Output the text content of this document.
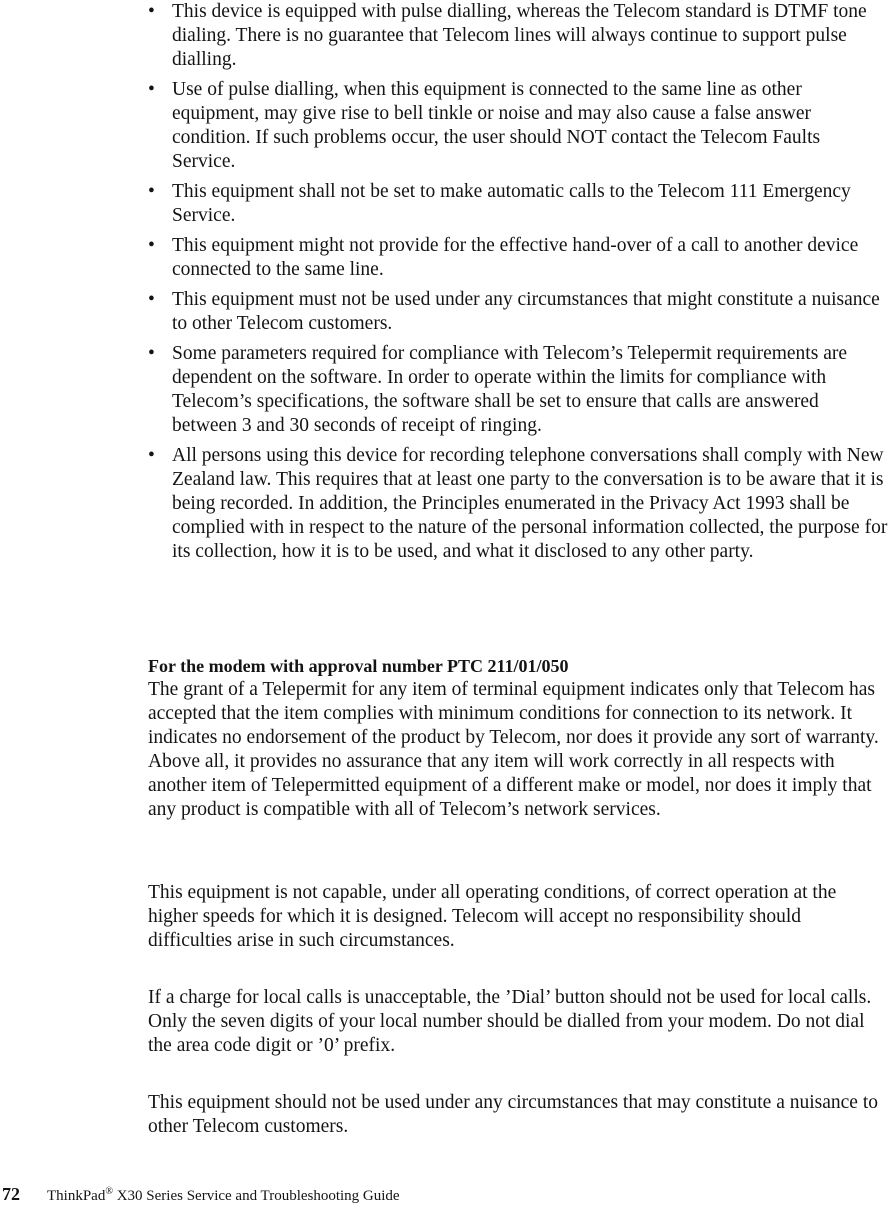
• This device is equipped with pulse dialling, whereas the Telecom standard is DTMF tone dialing. There is no guarantee that Telecom lines will always continue to support pulse dialling.
• Use of pulse dialling, when this equipment is connected to the same line as other equipment, may give rise to bell tinkle or noise and may also cause a false answer condition. If such problems occur, the user should NOT contact the Telecom Faults Service.
• This equipment shall not be set to make automatic calls to the Telecom 111 Emergency Service.
• This equipment might not provide for the effective hand-over of a call to another device connected to the same line.
• This equipment must not be used under any circumstances that might constitute a nuisance to other Telecom customers.
• Some parameters required for compliance with Telecom’s Telepermit requirements are dependent on the software. In order to operate within the limits for compliance with Telecom’s specifications, the software shall be set to ensure that calls are answered between 3 and 30 seconds of receipt of ringing.
• All persons using this device for recording telephone conversations shall comply with New Zealand law. This requires that at least one party to the conversation is to be aware that it is being recorded. In addition, the Principles enumerated in the Privacy Act 1993 shall be complied with in respect to the nature of the personal information collected, the purpose for its collection, how it is to be used, and what it disclosed to any other party.

For the modem with approval number PTC 211/01/050

The grant of a Telepermit for any item of terminal equipment indicates only that Telecom has accepted that the item complies with minimum conditions for connection to its network. It indicates no endorsement of the product by Telecom, nor does it provide any sort of warranty. Above all, it provides no assurance that any item will work correctly in all respects with another item of Telepermitted equipment of a different make or model, nor does it imply that any product is compatible with all of Telecom’s network services.

This equipment is not capable, under all operating conditions, of correct operation at the higher speeds for which it is designed. Telecom will accept no responsibility should difficulties arise in such circumstances.

If a charge for local calls is unacceptable, the ’Dial’ button should not be used for local calls. Only the seven digits of your local number should be dialled from your modem. Do not dial the area code digit or ’0’ prefix.

This equipment should not be used under any circumstances that may constitute a nuisance to other Telecom customers.

72 ThinkPad® X30 Series Service and Troubleshooting Guide
